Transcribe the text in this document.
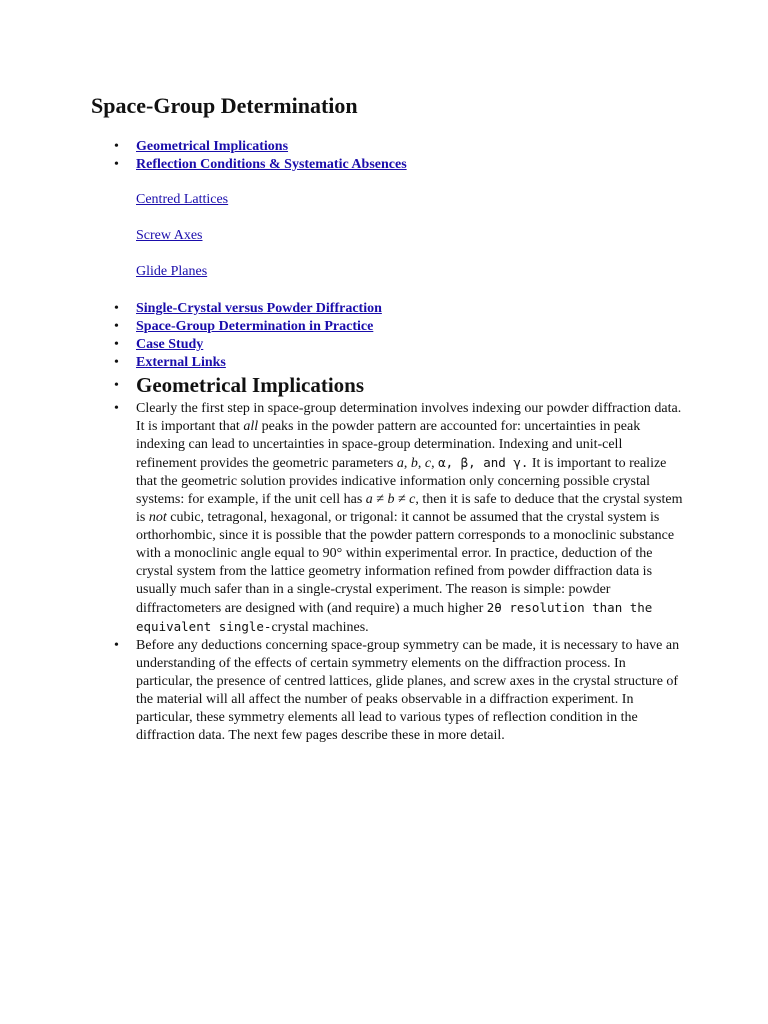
Space-Group Determination
• Geometrical Implications
• Reflection Conditions & Systematic Absences
Centred Lattices
Screw Axes
Glide Planes
• Single-Crystal versus Powder Diffraction
• Space-Group Determination in Practice
• Case Study
• External Links
• Geometrical Implications
• Clearly the first step in space-group determination involves indexing our powder diffraction data. It is important that all peaks in the powder pattern are accounted for: uncertainties in peak indexing can lead to uncertainties in space-group determination. Indexing and unit-cell refinement provides the geometric parameters a, b, c, α, β, and γ. It is important to realize that the geometric solution provides indicative information only concerning possible crystal systems: for example, if the unit cell has a ≠ b ≠ c, then it is safe to deduce that the crystal system is not cubic, tetragonal, hexagonal, or trigonal: it cannot be assumed that the crystal system is orthorhombic, since it is possible that the powder pattern corresponds to a monoclinic substance with a monoclinic angle equal to 90° within experimental error. In practice, deduction of the crystal system from the lattice geometry information refined from powder diffraction data is usually much safer than in a single-crystal experiment. The reason is simple: powder diffractometers are designed with (and require) a much higher 2θ resolution than the equivalent single-crystal machines.

• Before any deductions concerning space-group symmetry can be made, it is necessary to have an understanding of the effects of certain symmetry elements on the diffraction process. In particular, the presence of centred lattices, glide planes, and screw axes in the crystal structure of the material will all affect the number of peaks observable in a diffraction experiment. In particular, these symmetry elements all lead to various types of reflection condition in the diffraction data. The next few pages describe these in more detail.
